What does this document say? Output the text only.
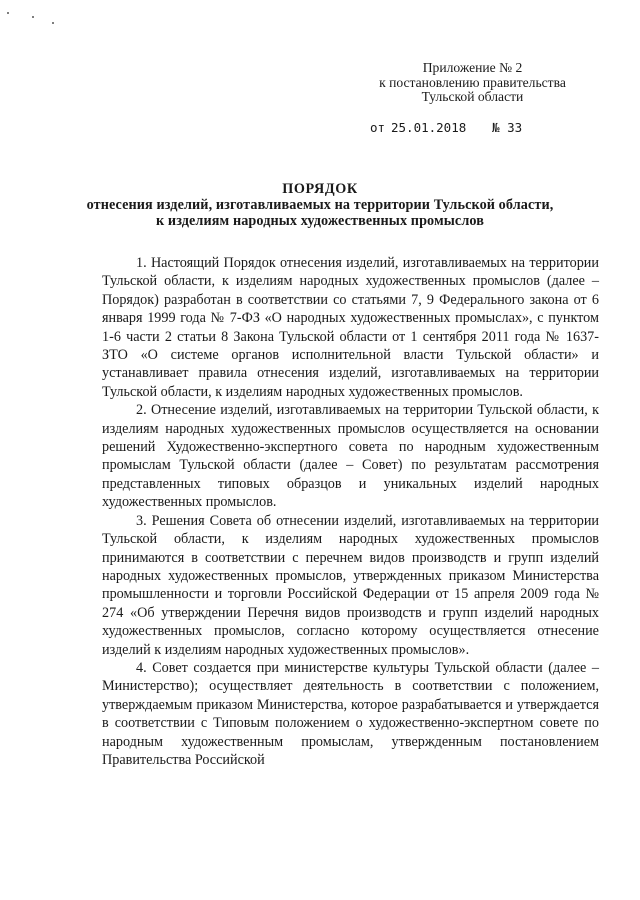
Приложение № 2
к постановлению правительства
Тульской области
от 25.01.2018 № 33
ПОРЯДОК
отнесения изделий, изготавливаемых на территории Тульской области,
к изделиям народных художественных промыслов

1. Настоящий Порядок отнесения изделий, изготавливаемых на территории Тульской области, к изделиям народных художественных промыслов (далее – Порядок) разработан в соответствии со статьями 7, 9 Федерального закона от 6 января 1999 года № 7-ФЗ «О народных художественных промыслах», с пунктом 1-6 части 2 статьи 8 Закона Тульской области от 1 сентября 2011 года № 1637-ЗТО «О системе органов исполнительной власти Тульской области» и устанавливает правила отнесения изделий, изготавливаемых на территории Тульской области, к изделиям народных художественных промыслов.

2. Отнесение изделий, изготавливаемых на территории Тульской области, к изделиям народных художественных промыслов осуществляется на основании решений Художественно-экспертного совета по народным художественным промыслам Тульской области (далее – Совет) по результатам рассмотрения представленных типовых образцов и уникальных изделий народных художественных промыслов.

3. Решения Совета об отнесении изделий, изготавливаемых на территории Тульской области, к изделиям народных художественных промыслов принимаются в соответствии с перечнем видов производств и групп изделий народных художественных промыслов, утвержденных приказом Министерства промышленности и торговли Российской Федерации от 15 апреля 2009 года № 274 «Об утверждении Перечня видов производств и групп изделий народных художественных промыслов, согласно которому осуществляется отнесение изделий к изделиям народных художественных промыслов».

4. Совет создается при министерстве культуры Тульской области (далее – Министерство); осуществляет деятельность в соответствии с положением, утверждаемым приказом Министерства, которое разрабатывается и утверждается в соответствии с Типовым положением о художественно-экспертном совете по народным художественным промыслам, утвержденным постановлением Правительства Российской
